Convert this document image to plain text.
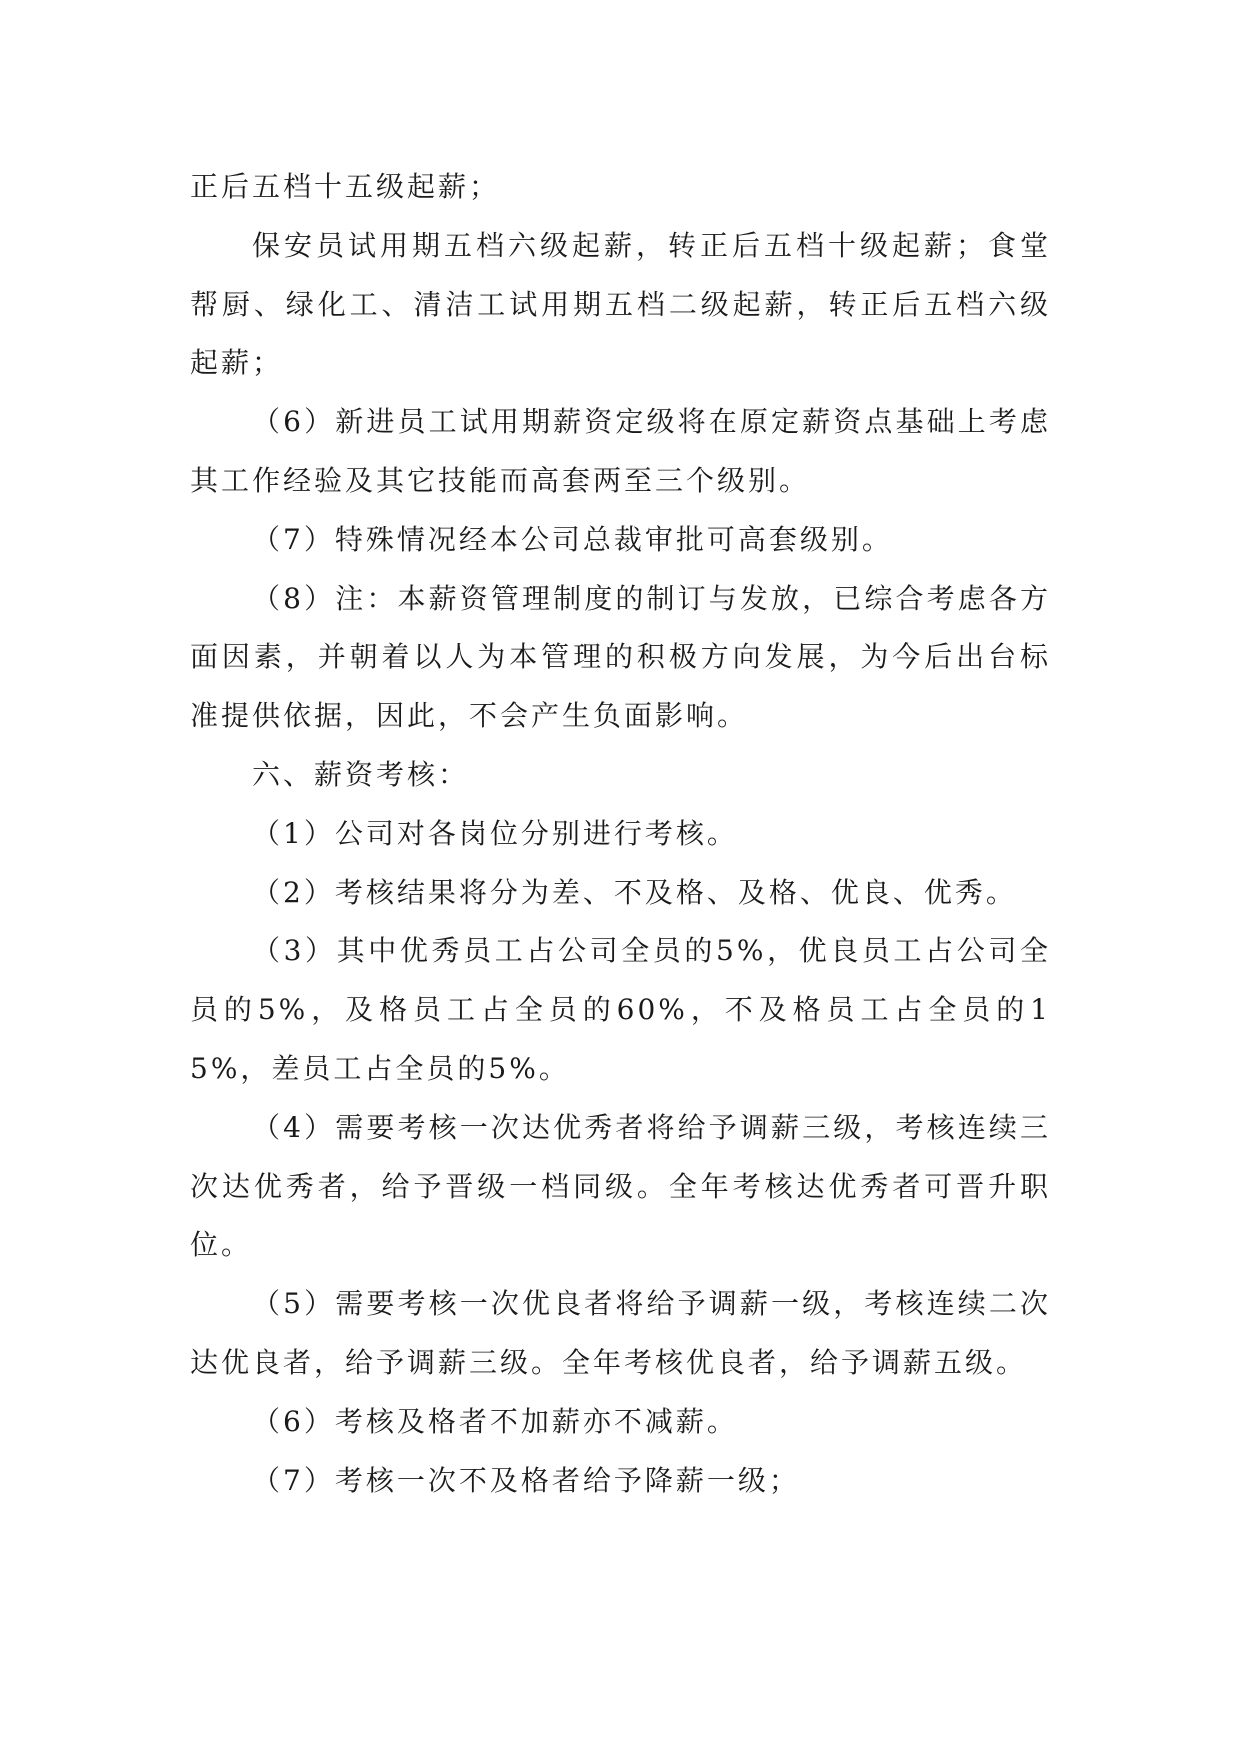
正后五档十五级起薪；

保安员试用期五档六级起薪，转正后五档十级起薪；食堂帮厨、绿化工、清洁工试用期五档二级起薪，转正后五档六级起薪；

（6）新进员工试用期薪资定级将在原定薪资点基础上考虑其工作经验及其它技能而高套两至三个级别。

（7）特殊情况经本公司总裁审批可高套级别。

（8）注：本薪资管理制度的制订与发放，已综合考虑各方面因素，并朝着以人为本管理的积极方向发展，为今后出台标准提供依据，因此，不会产生负面影响。

六、薪资考核：

（1）公司对各岗位分别进行考核。

（2）考核结果将分为差、不及格、及格、优良、优秀。

（3）其中优秀员工占公司全员的5%，优良员工占公司全员的5%，及格员工占全员的60%，不及格员工占全员的15%，差员工占全员的5%。

（4）需要考核一次达优秀者将给予调薪三级，考核连续三次达优秀者，给予晋级一档同级。全年考核达优秀者可晋升职位。

（5）需要考核一次优良者将给予调薪一级，考核连续二次达优良者，给予调薪三级。全年考核优良者，给予调薪五级。

（6）考核及格者不加薪亦不减薪。

（7）考核一次不及格者给予降薪一级；
